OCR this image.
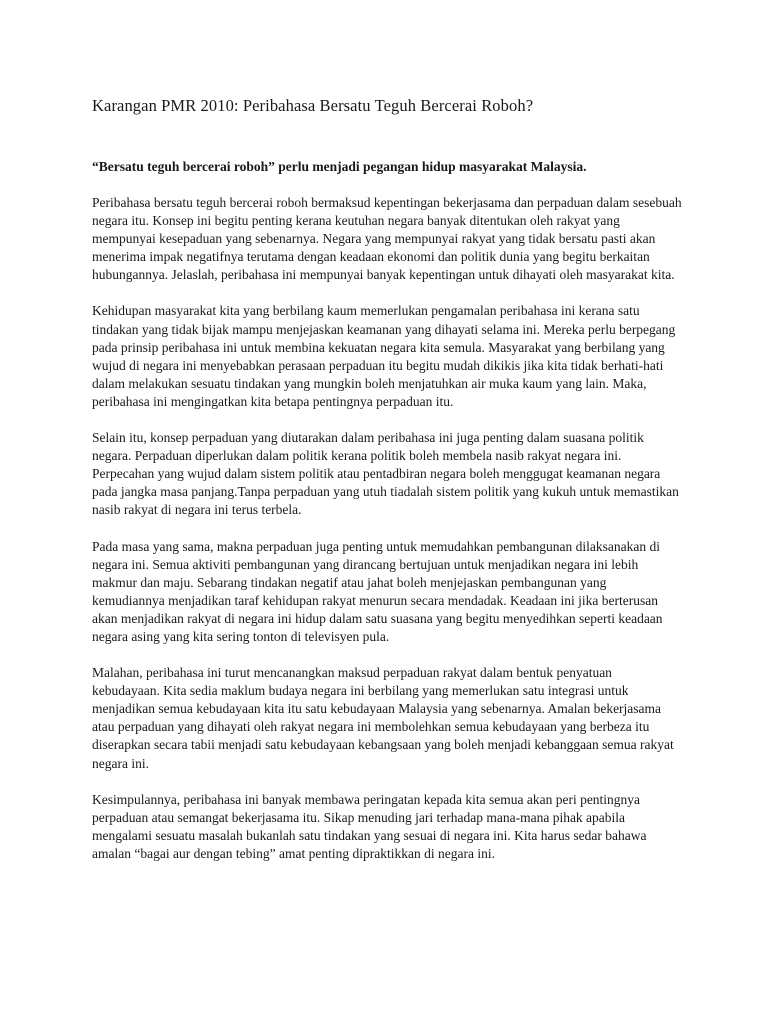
Karangan PMR 2010: Peribahasa Bersatu Teguh Bercerai Roboh?

“Bersatu teguh bercerai roboh” perlu menjadi pegangan hidup masyarakat Malaysia.

Peribahasa bersatu teguh bercerai roboh bermaksud kepentingan bekerjasama dan perpaduan dalam sesebuah negara itu. Konsep ini begitu penting kerana keutuhan negara banyak ditentukan oleh rakyat yang mempunyai kesepaduan yang sebenarnya. Negara yang mempunyai rakyat yang tidak bersatu pasti akan menerima impak negatifnya terutama dengan keadaan ekonomi dan politik dunia yang begitu berkaitan hubungannya. Jelaslah, peribahasa ini mempunyai banyak kepentingan untuk dihayati oleh masyarakat kita.

Kehidupan masyarakat kita yang berbilang kaum memerlukan pengamalan peribahasa ini kerana satu tindakan yang tidak bijak mampu menjejaskan keamanan yang dihayati selama ini. Mereka perlu berpegang pada prinsip peribahasa ini untuk membina kekuatan negara kita semula. Masyarakat yang berbilang yang wujud di negara ini menyebabkan perasaan perpaduan itu begitu mudah dikikis jika kita tidak berhati-hati dalam melakukan sesuatu tindakan yang mungkin boleh menjatuhkan air muka kaum yang lain. Maka, peribahasa ini mengingatkan kita betapa pentingnya perpaduan itu.

Selain itu, konsep perpaduan yang diutarakan dalam peribahasa ini juga penting dalam suasana politik negara. Perpaduan diperlukan dalam politik kerana politik boleh membela nasib rakyat negara ini. Perpecahan yang wujud dalam sistem politik atau pentadbiran negara boleh menggugat keamanan negara pada jangka masa panjang.Tanpa perpaduan yang utuh tiadalah sistem politik yang kukuh untuk memastikan nasib rakyat di negara ini terus terbela.

Pada masa yang sama, makna perpaduan juga penting untuk memudahkan pembangunan dilaksanakan di negara ini. Semua aktiviti pembangunan yang dirancang bertujuan untuk menjadikan negara ini lebih makmur dan maju. Sebarang tindakan negatif atau jahat boleh menjejaskan pembangunan yang kemudiannya menjadikan taraf kehidupan rakyat menurun secara mendadak. Keadaan ini jika berterusan akan menjadikan rakyat di negara ini hidup dalam satu suasana yang begitu menyedihkan seperti keadaan negara asing yang kita sering tonton di televisyen pula.

Malahan, peribahasa ini turut mencanangkan maksud perpaduan rakyat dalam bentuk penyatuan kebudayaan. Kita sedia maklum budaya negara ini berbilang yang memerlukan satu integrasi untuk menjadikan semua kebudayaan kita itu satu kebudayaan Malaysia yang sebenarnya. Amalan bekerjasama atau perpaduan yang dihayati oleh rakyat negara ini membolehkan semua kebudayaan yang berbeza itu diserapkan secara tabii menjadi satu kebudayaan kebangsaan yang boleh menjadi kebanggaan semua rakyat negara ini.

Kesimpulannya, peribahasa ini banyak membawa peringatan kepada kita semua akan peri pentingnya perpaduan atau semangat bekerjasama itu. Sikap menuding jari terhadap mana-mana pihak apabila mengalami sesuatu masalah bukanlah satu tindakan yang sesuai di negara ini. Kita harus sedar bahawa amalan “bagai aur dengan tebing” amat penting dipraktikkan di negara ini.
